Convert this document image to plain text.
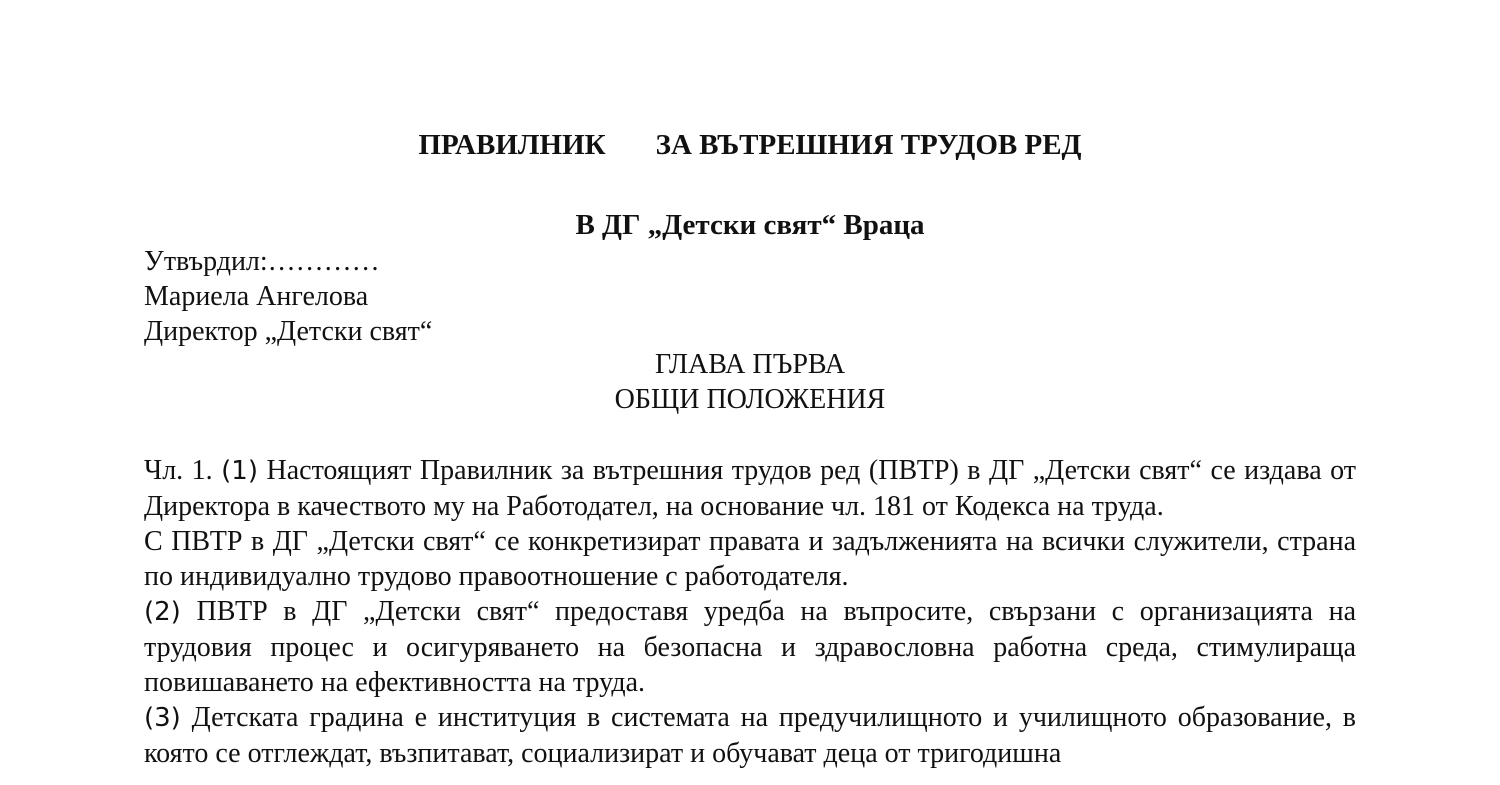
ПРАВИЛНИК ЗА ВЪТРЕШНИЯ ТРУДОВ РЕД
В ДГ „Детски свят“ Враца
Утвърдил:…………
Мариела Ангелова
Директор „Детски свят“
ГЛАВА ПЪРВА
ОБЩИ ПОЛОЖЕНИЯ

Чл. 1. (1) Настоящият Правилник за вътрешния трудов ред (ПВТР) в ДГ „Детски свят“ се издава от Директора в качеството му на Работодател, на основание чл. 181 от Кодекса на труда.

С ПВТР в ДГ „Детски свят“ се конкретизират правата и задълженията на всички служители, страна по индивидуално трудово правоотношение с работодателя.

(2) ПВТР в ДГ „Детски свят“ предоставя уредба на въпросите, свързани с организацията на трудовия процес и осигуряването на безопасна и здравословна работна среда, стимулираща повишаването на ефективността на труда.

(3) Детската градина е институция в системата на предучилищното и училищното образование, в която се отглеждат, възпитават, социализират и обучават деца от тригодишна
